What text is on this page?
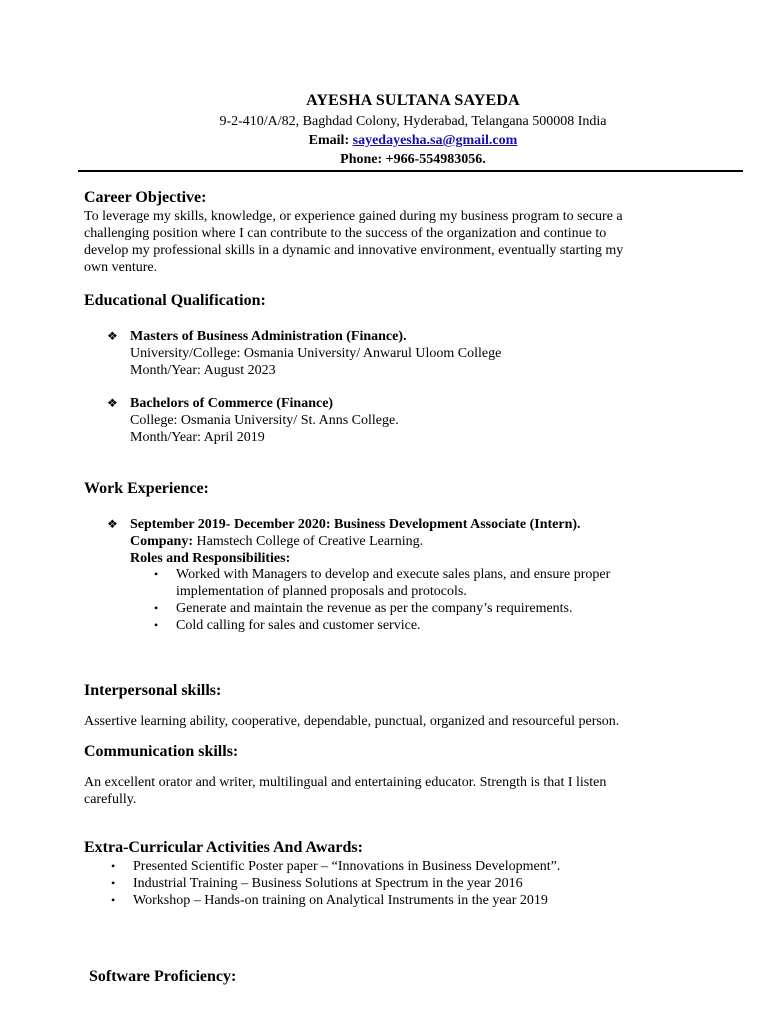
AYESHA SULTANA SAYEDA
9-2-410/A/82, Baghdad Colony, Hyderabad, Telangana 500008 India
Email: sayedayesha.sa@gmail.com
Phone: +966-554983056.
Career Objective:
To leverage my skills, knowledge, or experience gained during my business program to secure a
challenging position where I can contribute to the success of the organization and continue to
develop my professional skills in a dynamic and innovative environment, eventually starting my
own venture.
Educational Qualification:
❖ Masters of Business Administration (Finance).
University/College: Osmania University/ Anwarul Uloom College
Month/Year: August 2023
❖ Bachelors of Commerce (Finance)
College: Osmania University/ St. Anns College.
Month/Year: April 2019
Work Experience:
❖ September 2019- December 2020: Business Development Associate (Intern).
Company: Hamstech College of Creative Learning.
Roles and Responsibilities:
• Worked with Managers to develop and execute sales plans, and ensure proper implementation of planned proposals and protocols.
• Generate and maintain the revenue as per the company’s requirements.
• Cold calling for sales and customer service.
Interpersonal skills:
Assertive learning ability, cooperative, dependable, punctual, organized and resourceful person.
Communication skills:
An excellent orator and writer, multilingual and entertaining educator. Strength is that I listen
carefully.
Extra-Curricular Activities And Awards:
• Presented Scientific Poster paper – “Innovations in Business Development”.
• Industrial Training – Business Solutions at Spectrum in the year 2016
• Workshop – Hands-on training on Analytical Instruments in the year 2019
Software Proficiency:
